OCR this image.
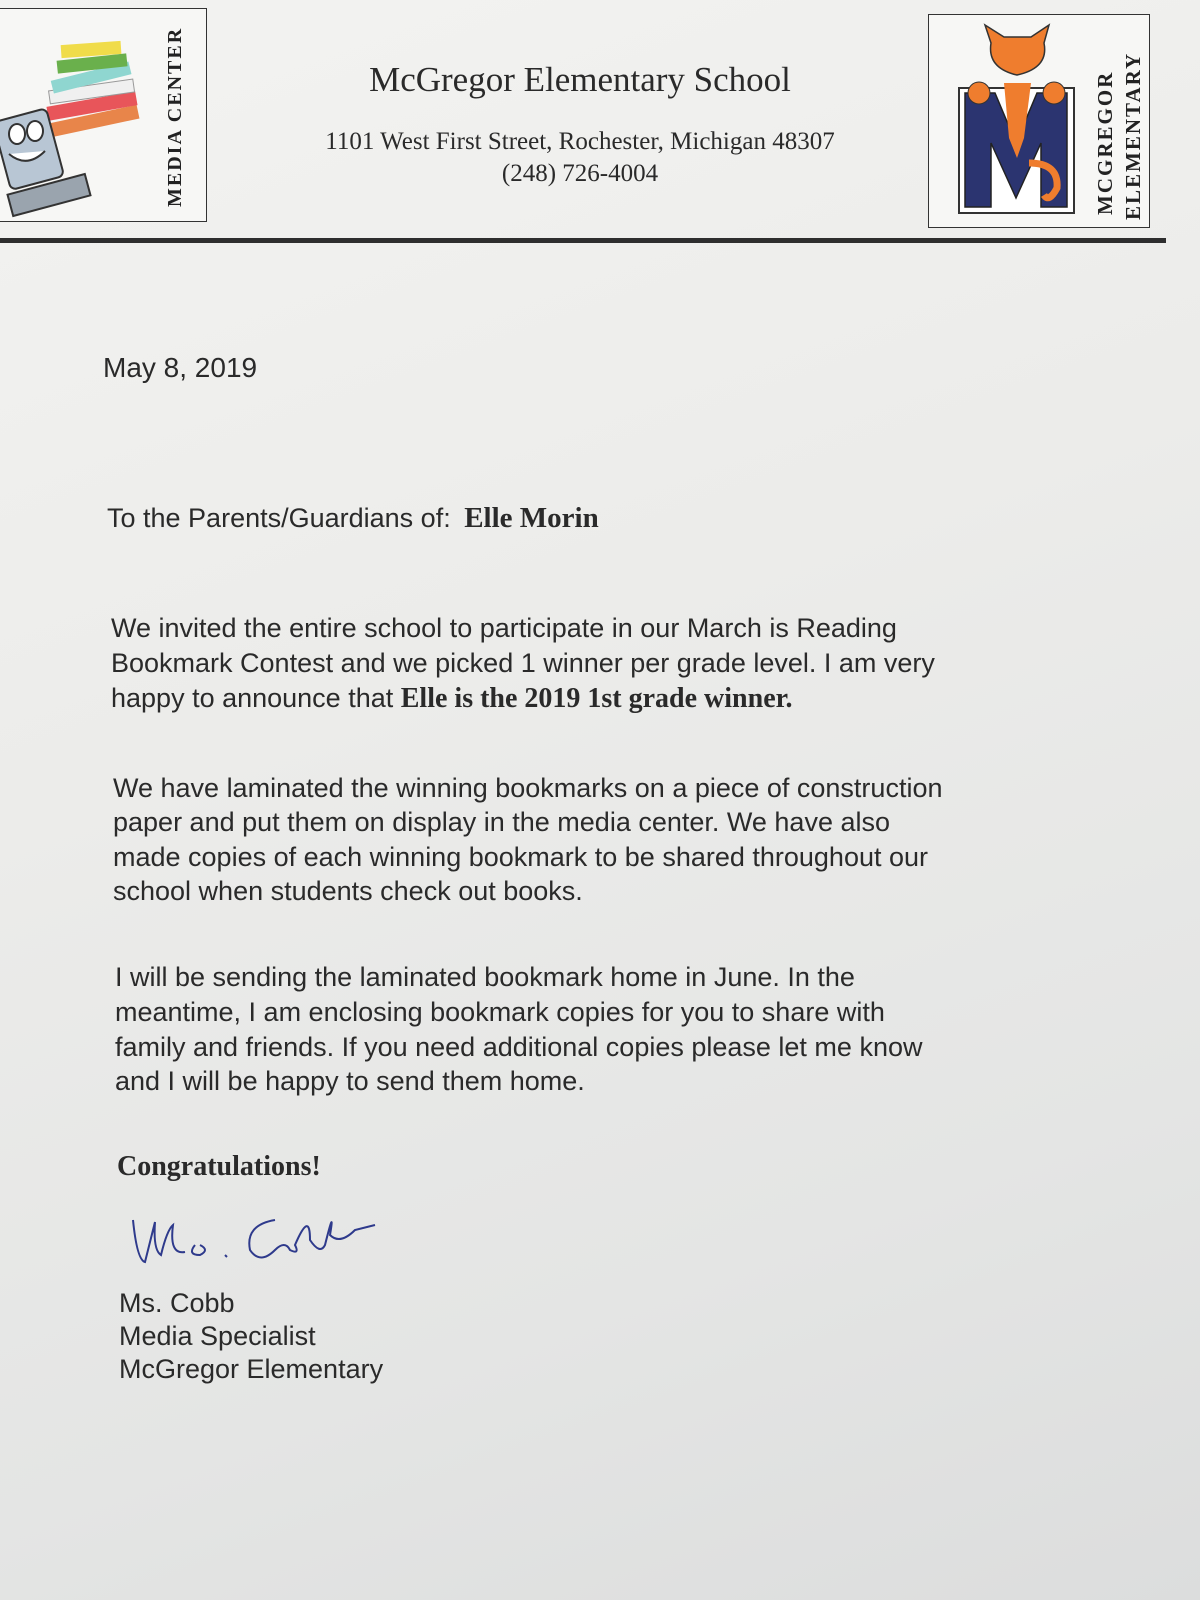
MEDIA CENTER	McGregor Elementary School
1101 West First Street, Rochester, Michigan 48307
(248) 726-4004	MCGREGOR ELEMENTARY
May 8, 2019
To the Parents/Guardians of: Elle Morin
We invited the entire school to participate in our March is Reading
Bookmark Contest and we picked 1 winner per grade level. I am very
happy to announce that Elle is the 2019 1st grade winner.
We have laminated the winning bookmarks on a piece of construction
paper and put them on display in the media center. We have also
made copies of each winning bookmark to be shared throughout our
school when students check out books.
I will be sending the laminated bookmark home in June. In the
meantime, I am enclosing bookmark copies for you to share with
family and friends. If you need additional copies please let me know
and I will be happy to send them home.
Congratulations!
Ms. Cobb
Media Specialist
McGregor Elementary
